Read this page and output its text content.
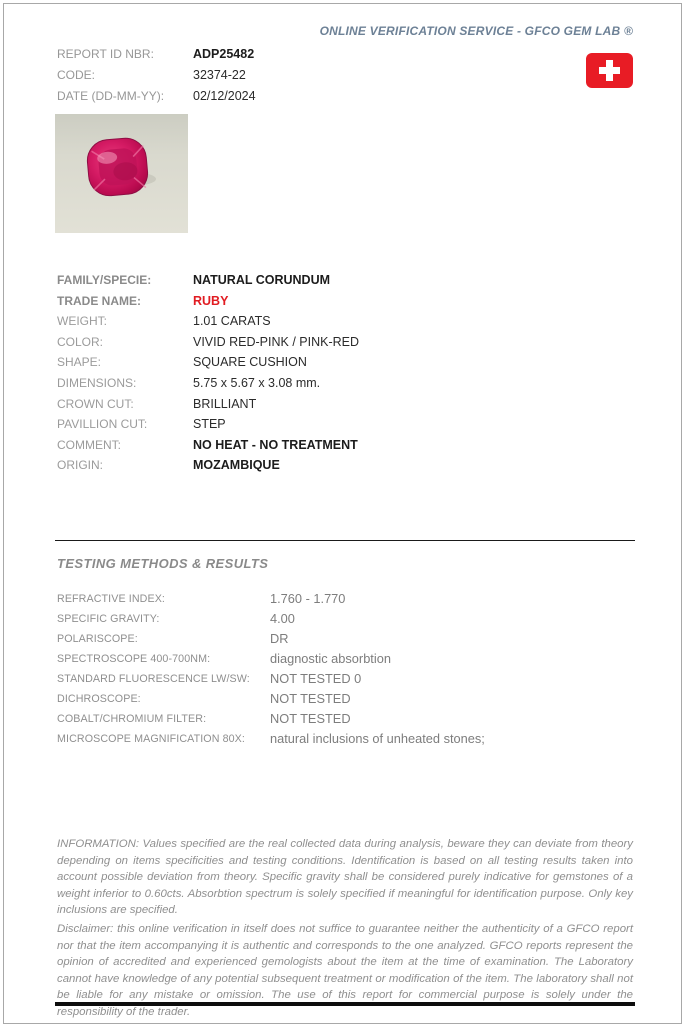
ONLINE VERIFICATION SERVICE - GFCO GEM LAB ®
REPORT ID NBR:	ADP25482
CODE:	32374-22
DATE (DD-MM-YY):	02/12/2024
FAMILY/SPECIE:	NATURAL CORUNDUM
TRADE NAME:	RUBY
WEIGHT:	1.01 CARATS
COLOR:	VIVID RED-PINK / PINK-RED
SHAPE:	SQUARE CUSHION
DIMENSIONS:	5.75 x 5.67 x 3.08 mm.
CROWN CUT:	BRILLIANT
PAVILLION CUT:	STEP
COMMENT:	NO HEAT - NO TREATMENT
ORIGIN:	MOZAMBIQUE
TESTING METHODS & RESULTS
REFRACTIVE INDEX:	1.760 - 1.770
SPECIFIC GRAVITY:	4.00
POLARISCOPE:	DR
SPECTROSCOPE 400-700NM:	diagnostic absorbtion
STANDARD FLUORESCENCE LW/SW:	NOT TESTED 0
DICHROSCOPE:	NOT TESTED
COBALT/CHROMIUM FILTER:	NOT TESTED
MICROSCOPE MAGNIFICATION 80X:	natural inclusions of unheated stones;

INFORMATION: Values specified are the real collected data during analysis, beware they can deviate from theory depending on items specificities and testing conditions. Identification is based on all testing results taken into account possible deviation from theory. Specific gravity shall be considered purely indicative for gemstones of a weight inferior to 0.60cts. Absorbtion spectrum is solely specified if meaningful for identification purpose. Only key inclusions are specified.

Disclaimer: this online verification in itself does not suffice to guarantee neither the authenticity of a GFCO report nor that the item accompanying it is authentic and corresponds to the one analyzed. GFCO reports represent the opinion of accredited and experienced gemologists about the item at the time of examination. The Laboratory cannot have knowledge of any potential subsequent treatment or modification of the item. The laboratory shall not be liable for any mistake or omission. The use of this report for commercial purpose is solely under the responsibility of the trader.
